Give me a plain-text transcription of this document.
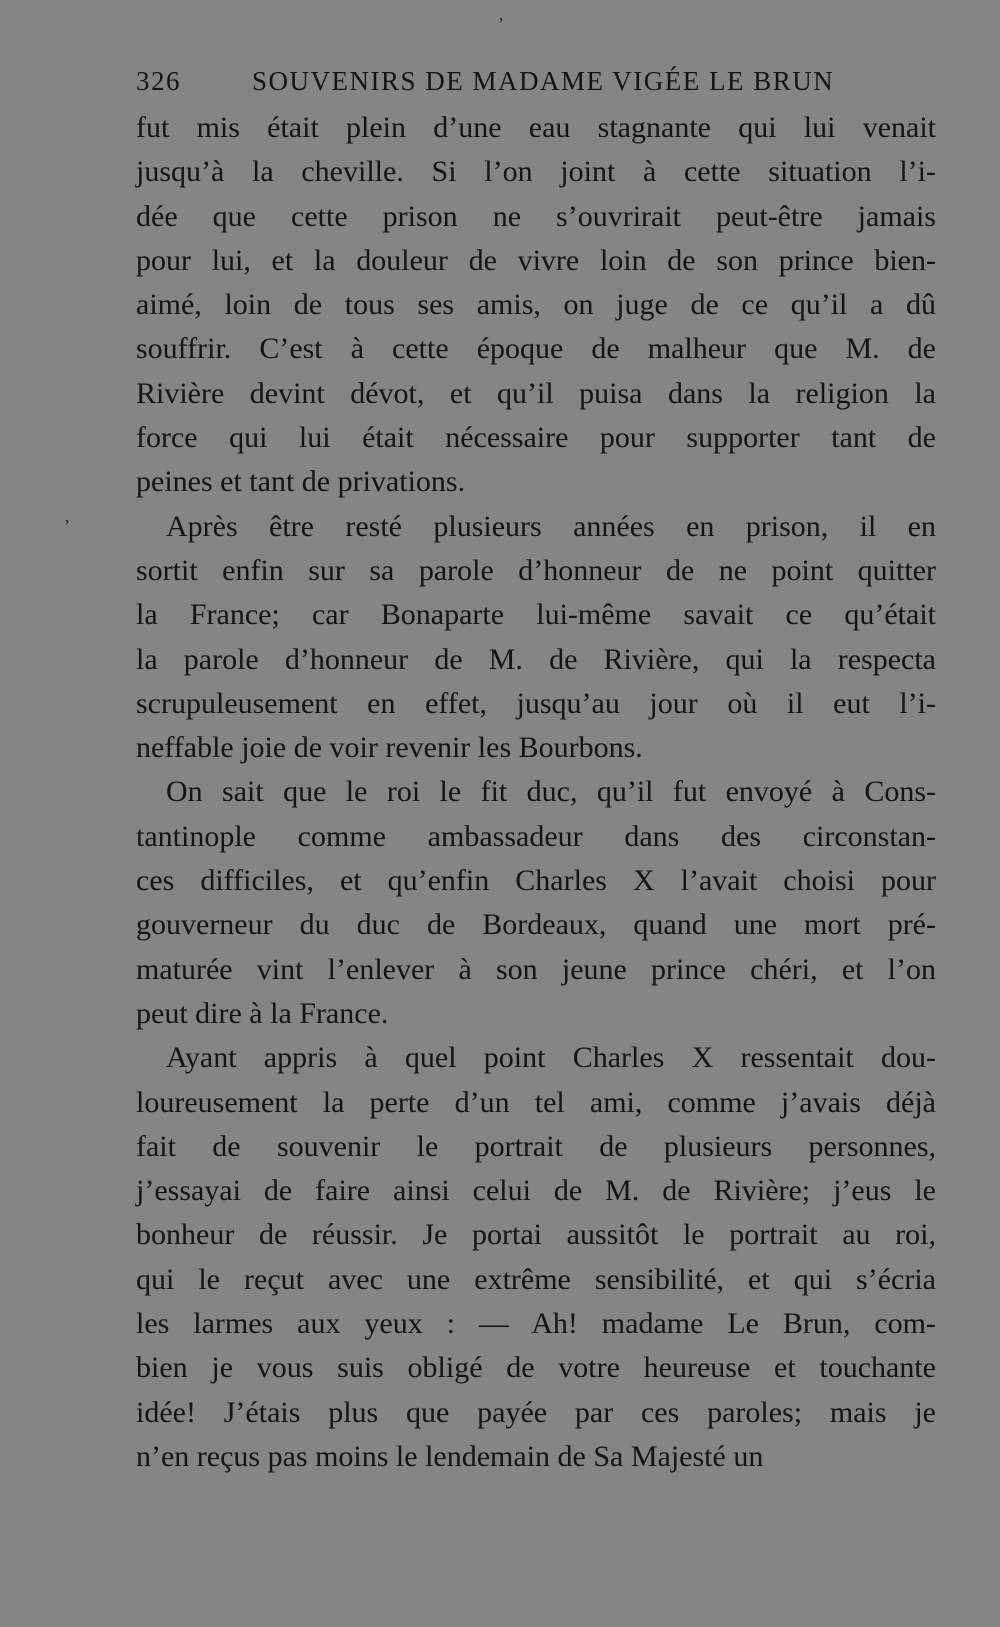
ʼ
ʼ
326	SOUVENIRS DE MADAME VIGÉE LE BRUN
fut mis était plein d’une eau stagnante qui lui venait
jusqu’à la cheville. Si l’on joint à cette situation l’i-
dée que cette prison ne s’ouvrirait peut-être jamais
pour lui, et la douleur de vivre loin de son prince bien-
aimé, loin de tous ses amis, on juge de ce qu’il a dû
souffrir. C’est à cette époque de malheur que M. de
Rivière devint dévot, et qu’il puisa dans la religion la
force qui lui était nécessaire pour supporter tant de
peines et tant de privations.
Après être resté plusieurs années en prison, il en
sortit enfin sur sa parole d’honneur de ne point quitter
la France; car Bonaparte lui-même savait ce qu’était
la parole d’honneur de M. de Rivière, qui la respecta
scrupuleusement en effet, jusqu’au jour où il eut l’i-
neffable joie de voir revenir les Bourbons.
On sait que le roi le fit duc, qu’il fut envoyé à Cons-
tantinople comme ambassadeur dans des circonstan-
ces difficiles, et qu’enfin Charles X l’avait choisi pour
gouverneur du duc de Bordeaux, quand une mort pré-
maturée vint l’enlever à son jeune prince chéri, et l’on
peut dire à la France.
Ayant appris à quel point Charles X ressentait dou-
loureusement la perte d’un tel ami, comme j’avais déjà
fait de souvenir le portrait de plusieurs personnes,
j’essayai de faire ainsi celui de M. de Rivière; j’eus le
bonheur de réussir. Je portai aussitôt le portrait au roi,
qui le reçut avec une extrême sensibilité, et qui s’écria
les larmes aux yeux : — Ah! madame Le Brun, com-
bien je vous suis obligé de votre heureuse et touchante
idée! J’étais plus que payée par ces paroles; mais je
n’en reçus pas moins le lendemain de Sa Majesté un
